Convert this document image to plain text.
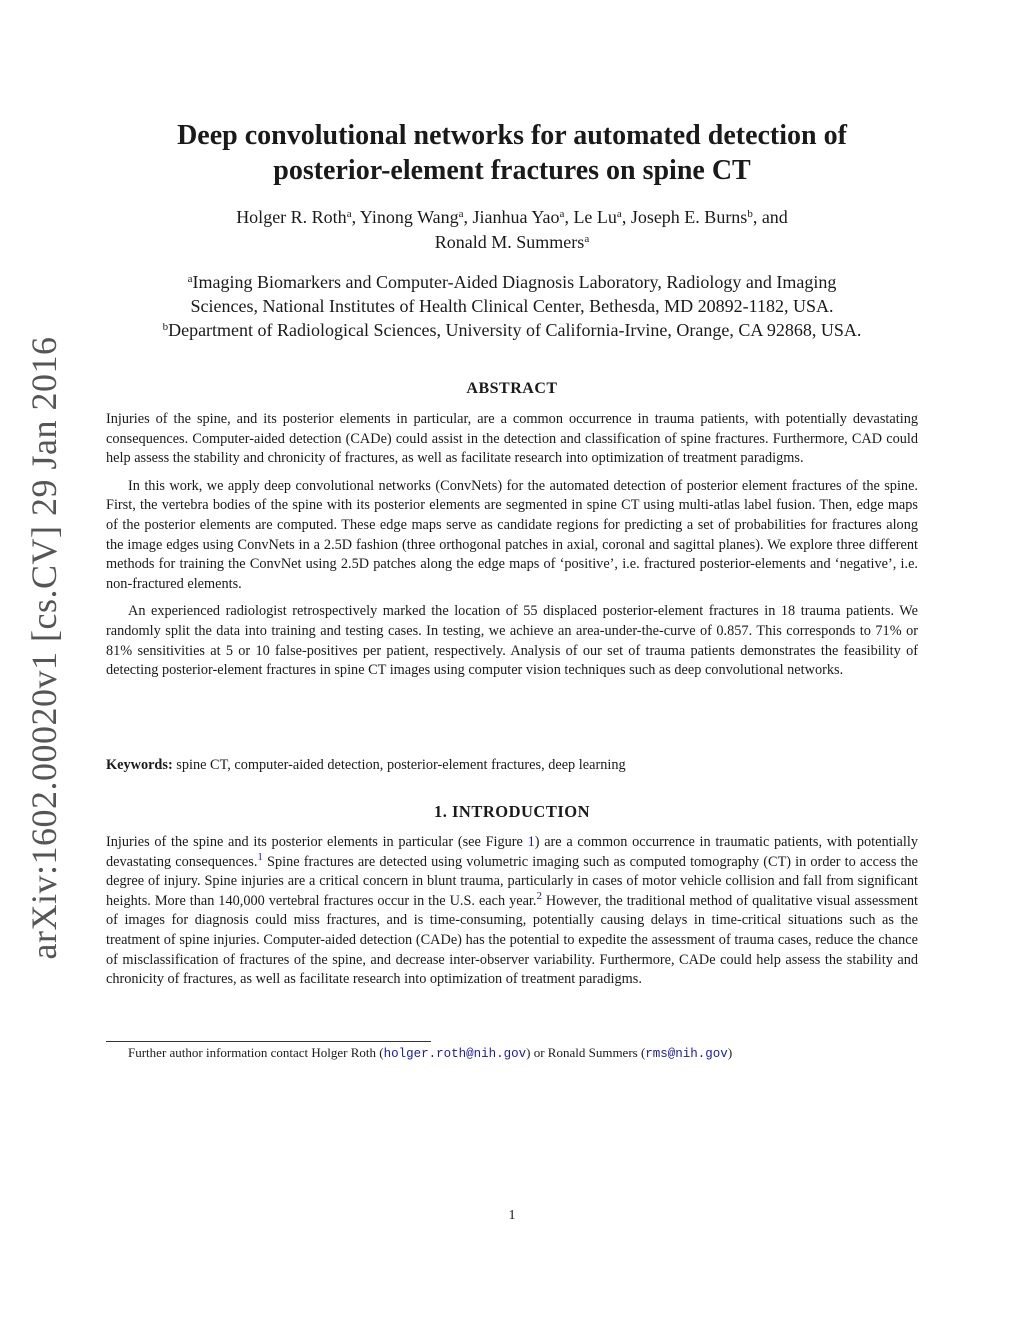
arXiv:1602.00020v1 [cs.CV] 29 Jan 2016
Deep convolutional networks for automated detection of
posterior-element fractures on spine CT
Holger R. Roth$^a$, Yinong Wang$^a$, Jianhua Yao$^a$, Le Lu$^a$, Joseph E. Burns$^b$, and
Ronald M. Summers$^a$
$^a$Imaging Biomarkers and Computer-Aided Diagnosis Laboratory, Radiology and Imaging
Sciences, National Institutes of Health Clinical Center, Bethesda, MD 20892-1182, USA.
$^b$Department of Radiological Sciences, University of California-Irvine, Orange, CA 92868, USA.
ABSTRACT

Injuries of the spine, and its posterior elements in particular, are a common occurrence in trauma patients, with potentially devastating consequences. Computer-aided detection (CADe) could assist in the detection and classification of spine fractures. Furthermore, CAD could help assess the stability and chronicity of fractures, as well as facilitate research into optimization of treatment paradigms.

In this work, we apply deep convolutional networks (ConvNets) for the automated detection of posterior element fractures of the spine. First, the vertebra bodies of the spine with its posterior elements are segmented in spine CT using multi-atlas label fusion. Then, edge maps of the posterior elements are computed. These edge maps serve as candidate regions for predicting a set of probabilities for fractures along the image edges using ConvNets in a 2.5D fashion (three orthogonal patches in axial, coronal and sagittal planes). We explore three different methods for training the ConvNet using 2.5D patches along the edge maps of ‘positive’, i.e. fractured posterior-elements and ‘negative’, i.e. non-fractured elements.

An experienced radiologist retrospectively marked the location of 55 displaced posterior-element fractures in 18 trauma patients. We randomly split the data into training and testing cases. In testing, we achieve an area-under-the-curve of 0.857. This corresponds to 71% or 81% sensitivities at 5 or 10 false-positives per patient, respectively. Analysis of our set of trauma patients demonstrates the feasibility of detecting posterior-element fractures in spine CT images using computer vision techniques such as deep convolutional networks.

Keywords: spine CT, computer-aided detection, posterior-element fractures, deep learning
1. INTRODUCTION

Injuries of the spine and its posterior elements in particular (see Figure 1) are a common occurrence in traumatic patients, with potentially devastating consequences.$^1$ Spine fractures are detected using volumetric imaging such as computed tomography (CT) in order to access the degree of injury. Spine injuries are a critical concern in blunt trauma, particularly in cases of motor vehicle collision and fall from significant heights. More than 140,000 vertebral fractures occur in the U.S. each year.$^2$ However, the traditional method of qualitative visual assessment of images for diagnosis could miss fractures, and is time-consuming, potentially causing delays in time-critical situations such as the treatment of spine injuries. Computer-aided detection (CADe) has the potential to expedite the assessment of trauma cases, reduce the chance of misclassification of fractures of the spine, and decrease inter-observer variability. Furthermore, CADe could help assess the stability and chronicity of fractures, as well as facilitate research into optimization of treatment paradigms.

Further author information contact Holger Roth (holger.roth@nih.gov) or Ronald Summers (rms@nih.gov)
1
